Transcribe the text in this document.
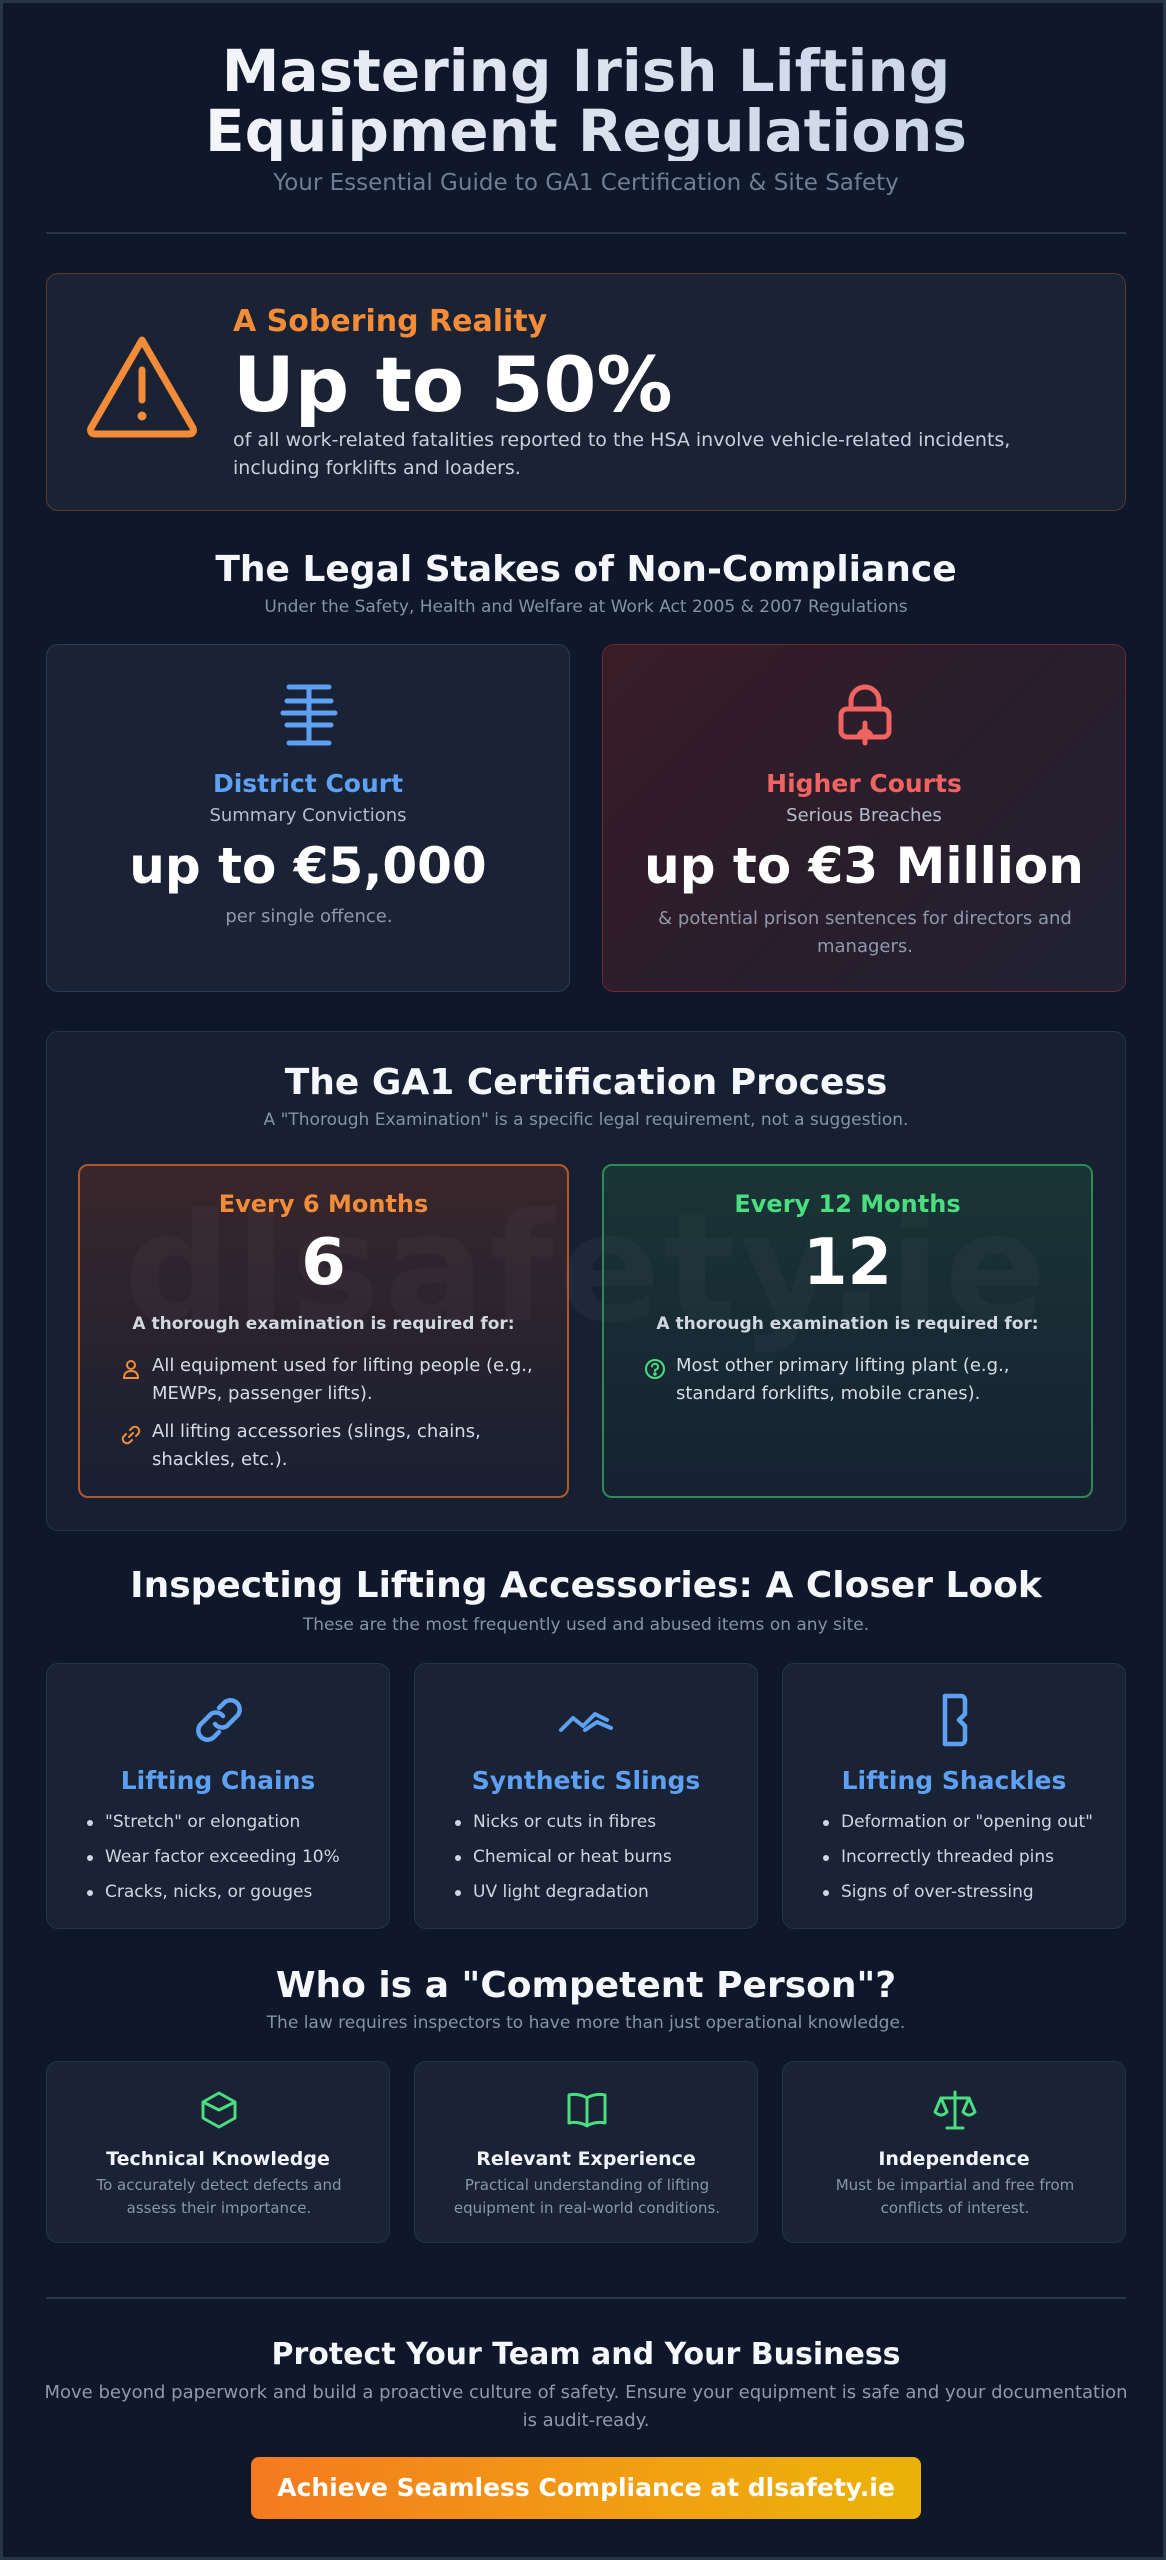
Mastering Irish Lifting Equipment Regulations
Your Essential Guide to GA1 Certification & Site Safety
A Sobering Reality
Up to 50%
of all work-related fatalities reported to the HSA involve vehicle-related incidents, including forklifts and loaders.
The Legal Stakes of Non-Compliance
Under the Safety, Health and Welfare at Work Act 2005 & 2007 Regulations
District Court
Summary Convictions
up to €5,000
per single offence.
Higher Courts
Serious Breaches
up to €3 Million
& potential prison sentences for directors and managers.
The GA1 Certification Process
A "Thorough Examination" is a specific legal requirement, not a suggestion.
Every 6 Months
6
A thorough examination is required for:
All equipment used for lifting people (e.g., MEWPs, passenger lifts).
All lifting accessories (slings, chains, shackles, etc.).
Every 12 Months
12
A thorough examination is required for:
Most other primary lifting plant (e.g., standard forklifts, mobile cranes).
Inspecting Lifting Accessories: A Closer Look
These are the most frequently used and abused items on any site.
Lifting Chains
"Stretch" or elongation
Wear factor exceeding 10%
Cracks, nicks, or gouges
Synthetic Slings
Nicks or cuts in fibres
Chemical or heat burns
UV light degradation
Lifting Shackles
Deformation or "opening out"
Incorrectly threaded pins
Signs of over-stressing
Who is a "Competent Person"?
The law requires inspectors to have more than just operational knowledge.
Technical Knowledge
To accurately detect defects and assess their importance.
Relevant Experience
Practical understanding of lifting equipment in real-world conditions.
Independence
Must be impartial and free from conflicts of interest.
Protect Your Team and Your Business
Move beyond paperwork and build a proactive culture of safety. Ensure your equipment is safe and your documentation is audit-ready.
Achieve Seamless Compliance at dlsafety.ie
